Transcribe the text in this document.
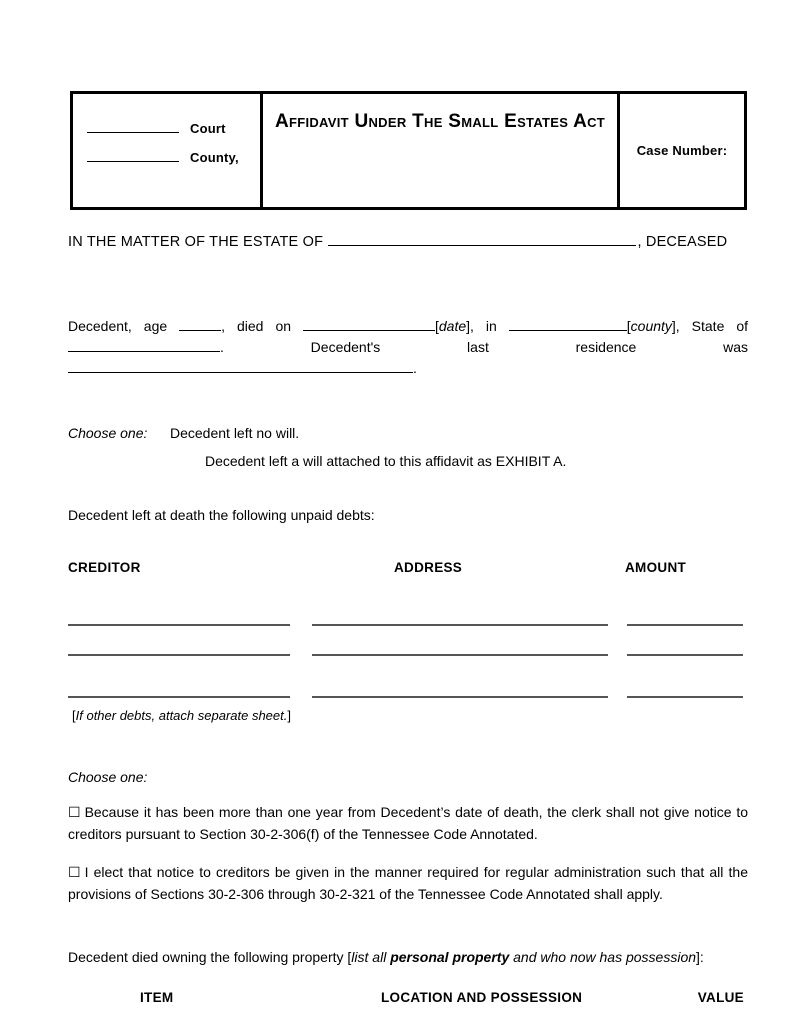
Court
County,
Affidavit Under The Small Estates Act
Case Number:
IN THE MATTER OF THE ESTATE OF	, DECEASED
Decedent, age	, died on	[date], in	[county], State of . Decedent's last residence was .
Choose one: Decedent left no will.
Decedent left a will attached to this affidavit as EXHIBIT A.
Decedent left at death the following unpaid debts:
CREDITOR	ADDRESS	AMOUNT
[If other debts, attach separate sheet.]
Choose one:
☐ Because it has been more than one year from Decedent’s date of death, the clerk shall not give notice to creditors pursuant to Section 30-2-306(f) of the Tennessee Code Annotated.
☐ I elect that notice to creditors be given in the manner required for regular administration such that all the provisions of Sections 30-2-306 through 30-2-321 of the Tennessee Code Annotated shall apply.
Decedent died owning the following property [list all personal property and who now has possession]:
ITEM	LOCATION AND POSSESSION	VALUE
